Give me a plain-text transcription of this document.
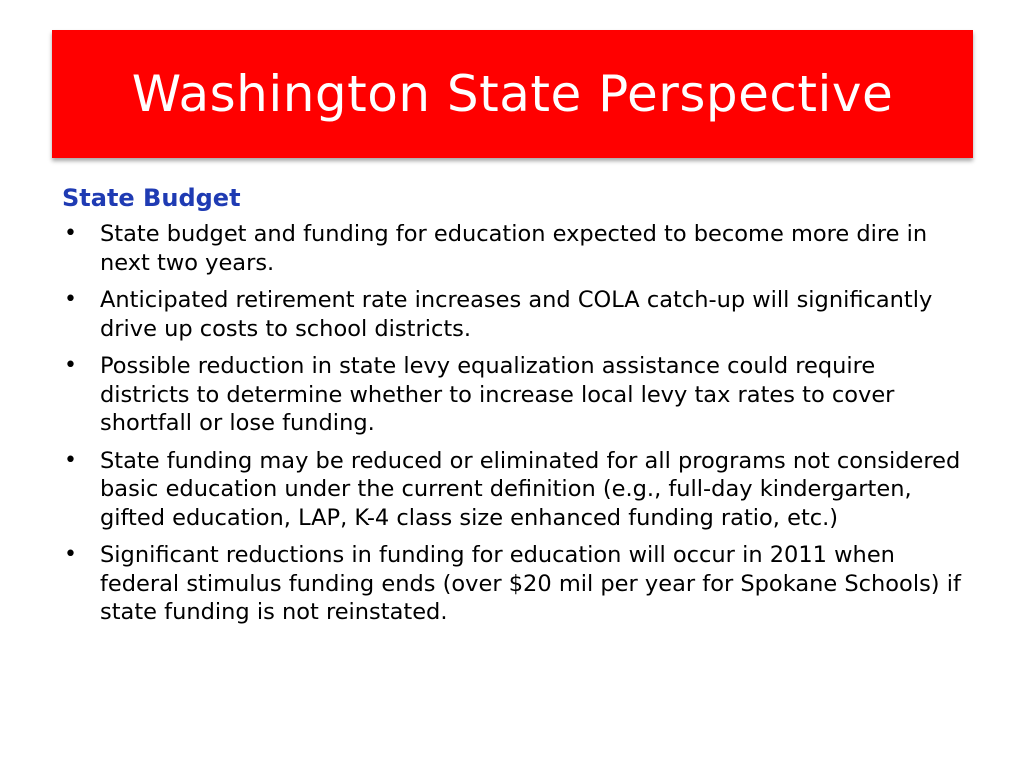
Washington State Perspective
State Budget
• State budget and funding for education expected to become more dire in next two years.
• Anticipated retirement rate increases and COLA catch-up will significantly drive up costs to school districts.
• Possible reduction in state levy equalization assistance could require districts to determine whether to increase local levy tax rates to cover shortfall or lose funding.
• State funding may be reduced or eliminated for all programs not considered basic education under the current definition (e.g., full-day kindergarten, gifted education, LAP, K-4 class size enhanced funding ratio, etc.)
• Significant reductions in funding for education will occur in 2011 when federal stimulus funding ends (over $20 mil per year for Spokane Schools) if state funding is not reinstated.
